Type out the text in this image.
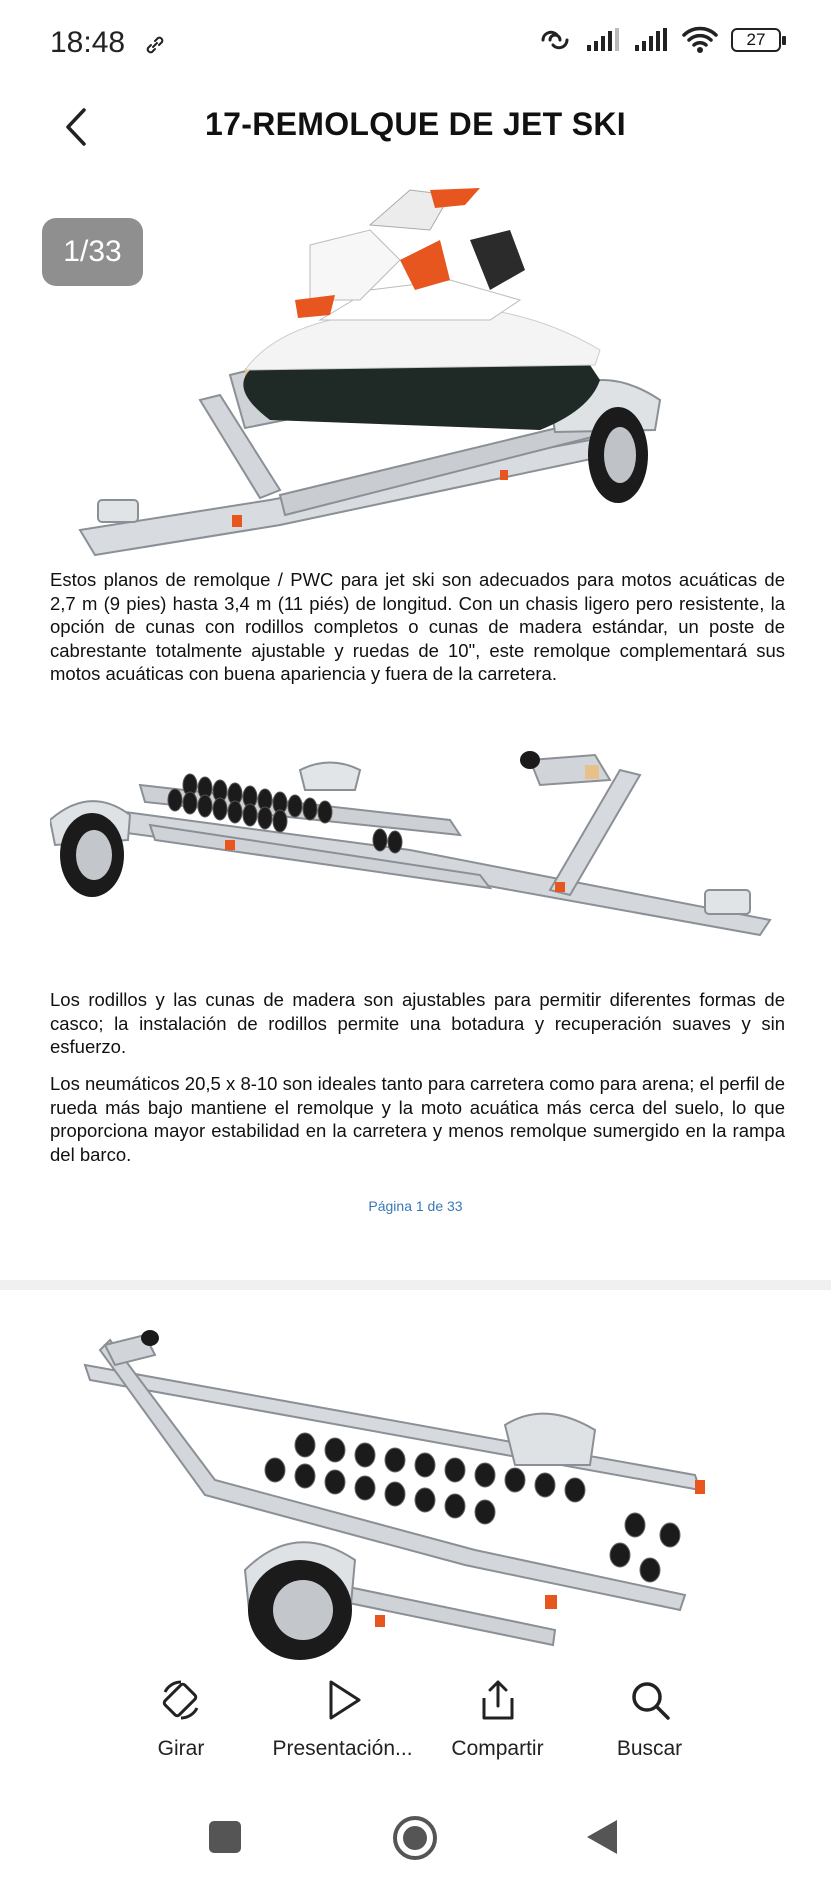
18:48	27
17-REMOLQUE DE JET SKI

Estos planos de remolque / PWC para jet ski son adecuados para motos acuáticas de 2,7 m (9 pies) hasta 3,4 m (11 piés) de longitud. Con un chasis ligero pero resistente, la opción de cunas con rodillos completos o cunas de madera estándar, un poste de cabrestante totalmente ajustable y ruedas de 10", este remolque complementará sus motos acuáticas con buena apariencia y fuera de la carretera.

Los rodillos y las cunas de madera son ajustables para permitir diferentes formas de casco; la instalación de rodillos permite una botadura y recuperación suaves y sin esfuerzo.

Los neumáticos 20,5 x 8-10 son ideales tanto para carretera como para arena; el perfil de rueda más bajo mantiene el remolque y la moto acuática más cerca del suelo, lo que proporciona mayor estabilidad en la carretera y menos remolque sumergido en la rampa del barco.

Página 1 de 33
1/33
Girar	Presentación...	Compartir	Buscar
